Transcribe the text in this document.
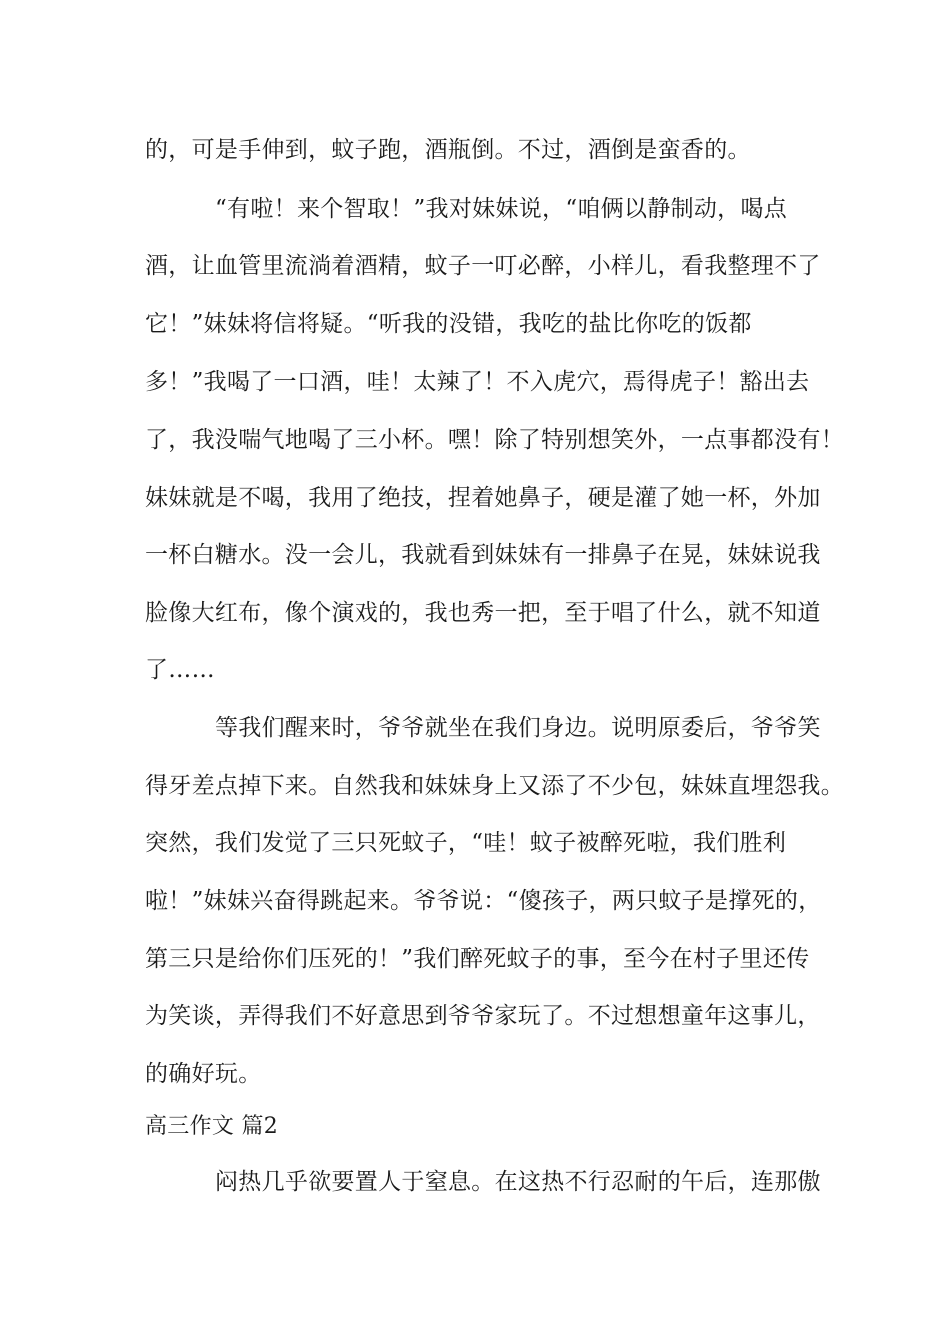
的，可是手伸到，蚊子跑，酒瓶倒。不过，酒倒是蛮香的。
“有啦！来个智取！”我对妹妹说，“咱俩以静制动，喝点
酒，让血管里流淌着酒精，蚊子一叮必醉，小样儿，看我整理不了
它！”妹妹将信将疑。“听我的没错，我吃的盐比你吃的饭都
多！”我喝了一口酒，哇！太辣了！不入虎穴，焉得虎子！豁出去
了，我没喘气地喝了三小杯。嘿！除了特别想笑外，一点事都没有！
妹妹就是不喝，我用了绝技，捏着她鼻子，硬是灌了她一杯，外加
一杯白糖水。没一会儿，我就看到妹妹有一排鼻子在晃，妹妹说我
脸像大红布，像个演戏的，我也秀一把，至于唱了什么，就不知道
了……
等我们醒来时，爷爷就坐在我们身边。说明原委后，爷爷笑
得牙差点掉下来。自然我和妹妹身上又添了不少包，妹妹直埋怨我。
突然，我们发觉了三只死蚊子，“哇！蚊子被醉死啦，我们胜利
啦！”妹妹兴奋得跳起来。爷爷说：“傻孩子，两只蚊子是撑死的，
第三只是给你们压死的！”我们醉死蚊子的事，至今在村子里还传
为笑谈，弄得我们不好意思到爷爷家玩了。不过想想童年这事儿，
的确好玩。
高三作文 篇2
闷热几乎欲要置人于窒息。在这热不行忍耐的午后，连那傲
